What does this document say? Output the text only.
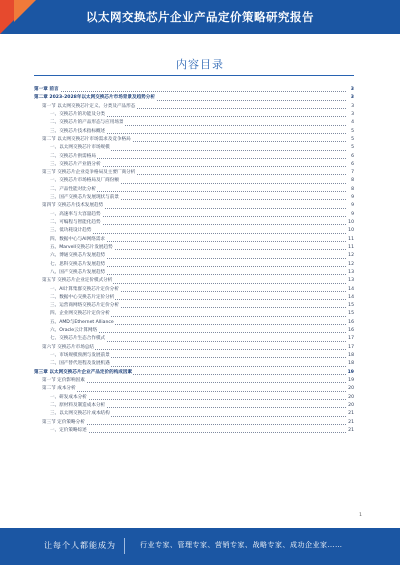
以太网交换芯片企业产品定价策略研究报告
内容目录
第一章 前言	3
第二章 2023-2028年以太网交换芯片市场背景及趋势分析	3
第一节 以太网交换芯片定义、分类及产品形态	3
一、交换芯片的功能及分类	3
二、交换芯片的产品形态与应用场景	4
三、交换芯片技术指标概述	5
第二节 以太网交换芯片市场需求及竞争格局	5
一、以太网交换芯片市场规模	5
二、交换芯片供需格局	6
三、交换芯片产业链分析	6
第三节 交换芯片企业竞争格局及主要厂商分析	7
一、交换芯片市场格局及厂商份额	8
二、产品性能对比分析	8
三、国产交换芯片发展现状与前景	9
第四节 交换芯片技术发展趋势	9
一、高速率与大容量趋势	9
二、可编程与智能化趋势	10
三、低功耗设计趋势	10
四、数据中心与AI网络需求	11
五、Marvell交换芯片发展趋势	11
六、博通交换芯片发展趋势	12
七、思科交换芯片发展趋势	12
八、国产交换芯片发展趋势	13
第五节 交换芯片企业定价模式分析	13
一、AI计算集群交换芯片定价分析	14
二、数据中心交换芯片定价分析	14
三、运营商网络交换芯片定价分析	15
四、企业网交换芯片定价分析	15
五、AMD与Ethernet Alliance	16
六、Oracle云计算网络	16
七、交换芯片生态合作模式	17
第六节 交换芯片市场总结	17
一、市场规模预测与发展前景	18
二、国产替代进程及发展机遇	18
第三章 以太网交换芯片企业产品定价的构成因素	19
第一节 定价影响因素	19
第二节 成本分析	20
一、研发成本分析	20
二、原材料及制造成本分析	20
三、以太网交换芯片成本结构	21
第三节 定价策略分析	21
一、定价策略综述	21
1
让每个人都能成为	行业专家、管理专家、营销专家、战略专家、成功企业家……
